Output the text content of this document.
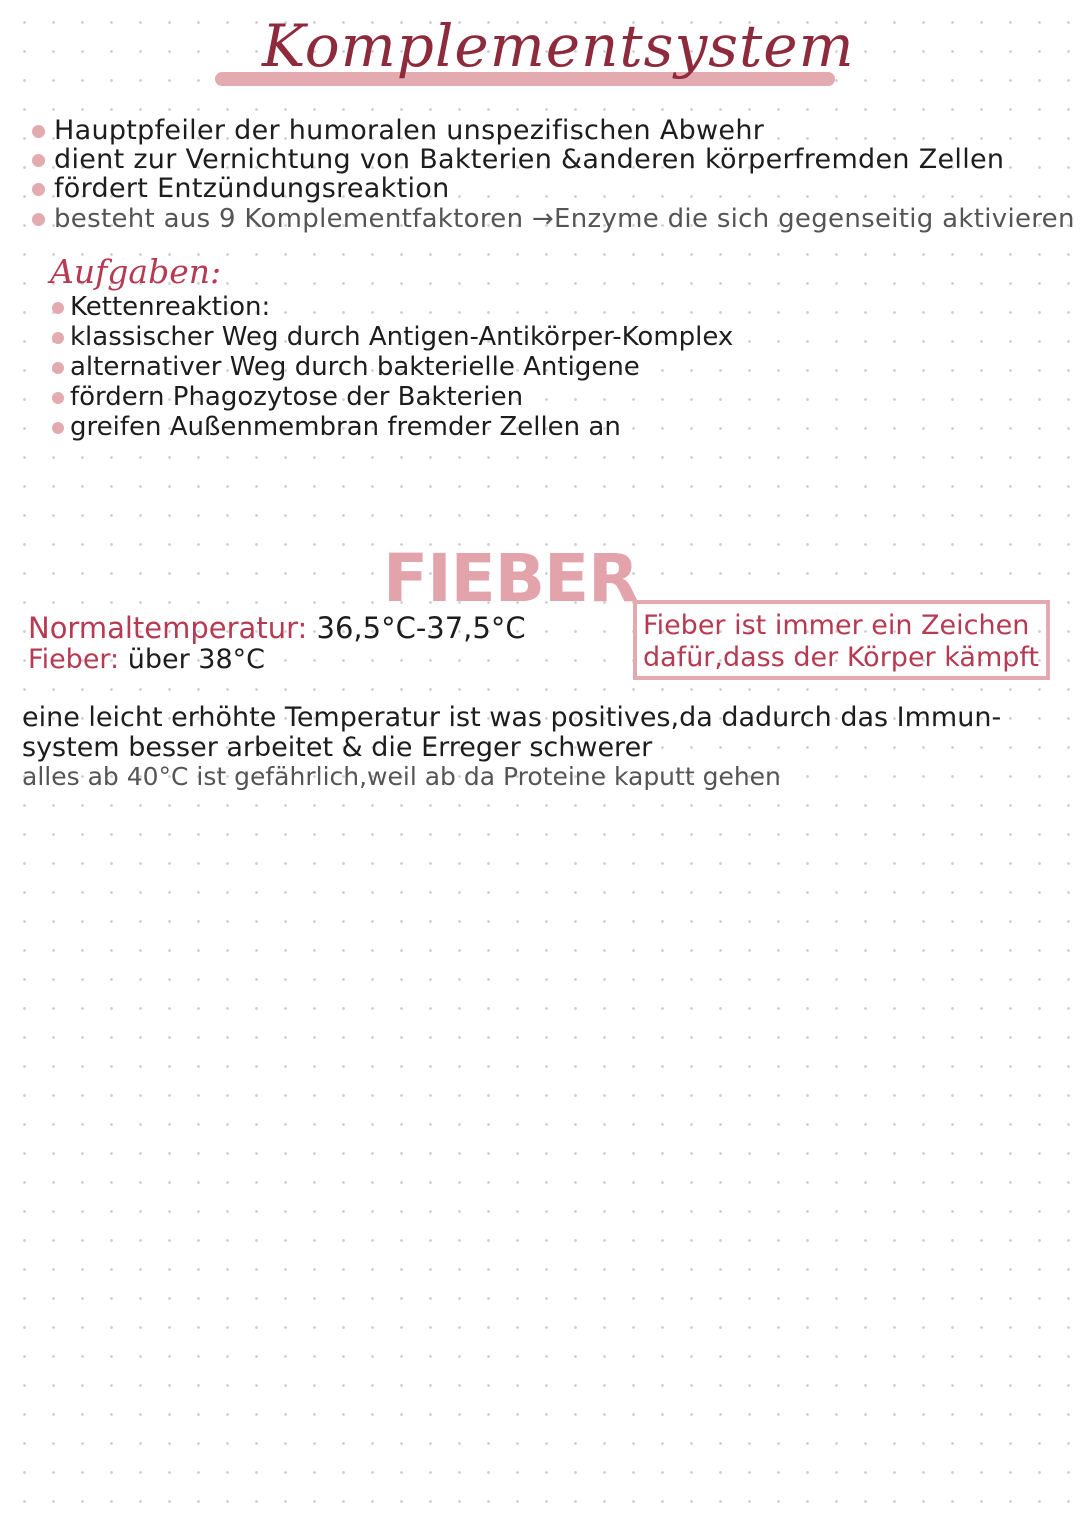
Komplementsystem
Hauptpfeiler der humoralen unspezifischen Abwehr
dient zur Vernichtung von Bakterien &anderen körperfremden Zellen
fördert Entzündungsreaktion
besteht aus 9 Komplementfaktoren →Enzyme die sich gegenseitig aktivieren
Aufgaben:
Kettenreaktion:
klassischer Weg durch Antigen-Antikörper-Komplex
alternativer Weg durch bakterielle Antigene
fördern Phagozytose der Bakterien
greifen Außenmembran fremder Zellen an
FIEBER
Normaltemperatur: 36,5°C-37,5°C
Fieber: über 38°C
Fieber ist immer ein Zeichen
dafür,dass der Körper kämpft
eine leicht erhöhte Temperatur ist was positives,da dadurch das Immun-
system besser arbeitet & die Erreger schwerer
alles ab 40°C ist gefährlich,weil ab da Proteine kaputt gehen
